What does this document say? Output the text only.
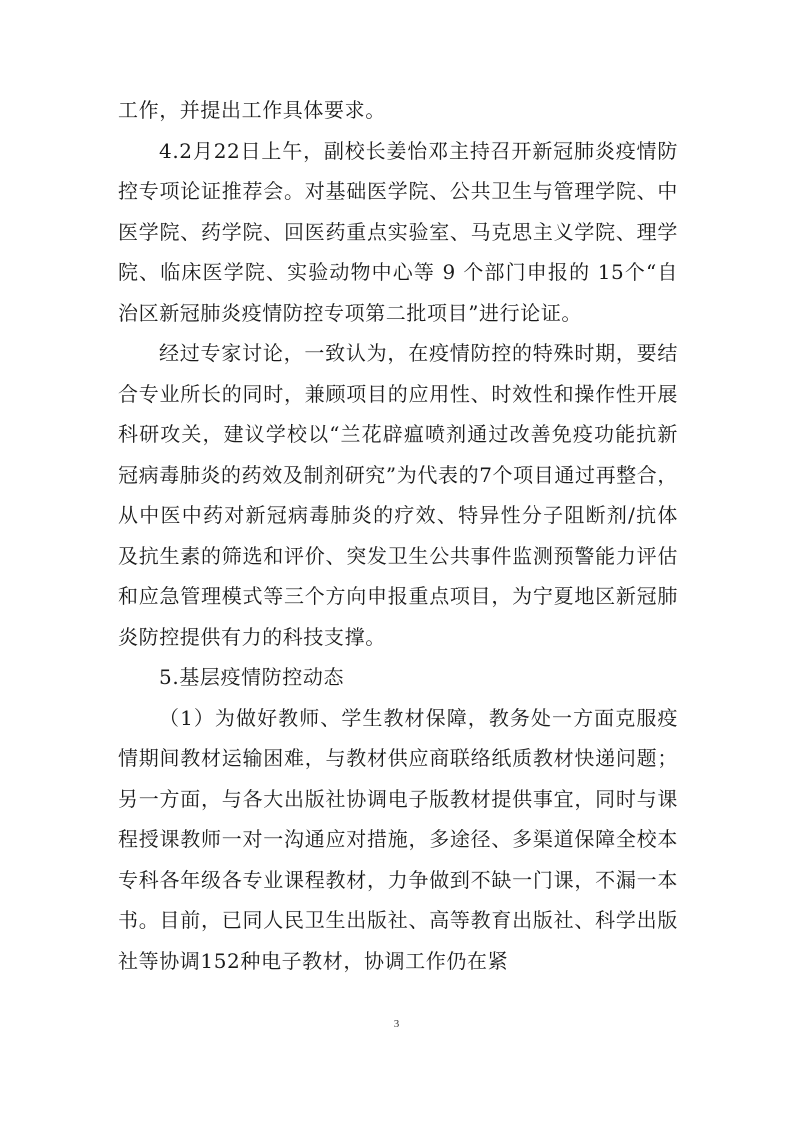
工作，并提出工作具体要求。

4.2月22日上午，副校长姜怡邓主持召开新冠肺炎疫情防控专项论证推荐会。对基础医学院、公共卫生与管理学院、中医学院、药学院、回医药重点实验室、马克思主义学院、理学院、临床医学院、实验动物中心等 9 个部门申报的 15个“自治区新冠肺炎疫情防控专项第二批项目”进行论证。

经过专家讨论，一致认为，在疫情防控的特殊时期，要结合专业所长的同时，兼顾项目的应用性、时效性和操作性开展科研攻关，建议学校以“兰花辟瘟喷剂通过改善免疫功能抗新冠病毒肺炎的药效及制剂研究”为代表的7个项目通过再整合，从中医中药对新冠病毒肺炎的疗效、特异性分子阻断剂/抗体及抗生素的筛选和评价、突发卫生公共事件监测预警能力评估和应急管理模式等三个方向申报重点项目，为宁夏地区新冠肺炎防控提供有力的科技支撑。

5.基层疫情防控动态

（1）为做好教师、学生教材保障，教务处一方面克服疫情期间教材运输困难，与教材供应商联络纸质教材快递问题；另一方面，与各大出版社协调电子版教材提供事宜，同时与课程授课教师一对一沟通应对措施，多途径、多渠道保障全校本专科各年级各专业课程教材，力争做到不缺一门课，不漏一本书。目前，已同人民卫生出版社、高等教育出版社、科学出版社等协调152种电子教材，协调工作仍在紧

3
